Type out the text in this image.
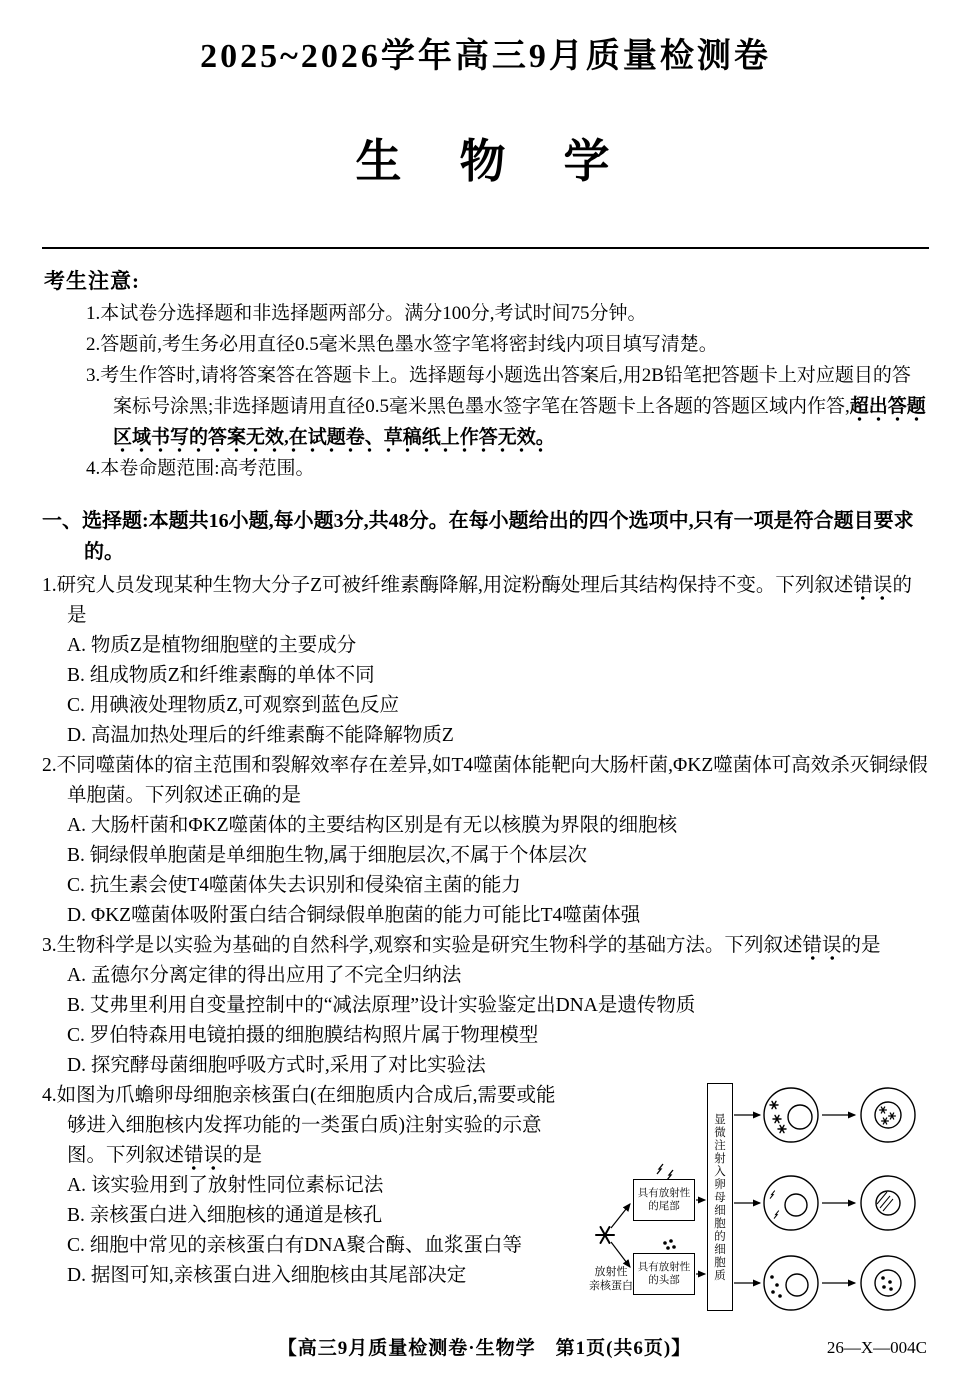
2025~2026学年高三9月质量检测卷
生　物　学
考生注意:
1.本试卷分选择题和非选择题两部分。满分100分,考试时间75分钟。
2.答题前,考生务必用直径0.5毫米黑色墨水签字笔将密封线内项目填写清楚。
3.考生作答时,请将答案答在答题卡上。选择题每小题选出答案后,用2B铅笔把答题卡上对应题目的答案标号涂黑;非选择题请用直径0.5毫米黑色墨水签字笔在答题卡上各题的答题区域内作答,超出答题区域书写的答案无效,在试题卷、草稿纸上作答无效。
4.本卷命题范围:高考范围。
一、选择题:本题共16小题,每小题3分,共48分。在每小题给出的四个选项中,只有一项是符合题目要求的。
1.研究人员发现某种生物大分子Z可被纤维素酶降解,用淀粉酶处理后其结构保持不变。下列叙述错误的是
A. 物质Z是植物细胞壁的主要成分
B. 组成物质Z和纤维素酶的单体不同
C. 用碘液处理物质Z,可观察到蓝色反应
D. 高温加热处理后的纤维素酶不能降解物质Z
2.不同噬菌体的宿主范围和裂解效率存在差异,如T4噬菌体能靶向大肠杆菌,ΦKZ噬菌体可高效杀灭铜绿假单胞菌。下列叙述正确的是
A. 大肠杆菌和ΦKZ噬菌体的主要结构区别是有无以核膜为界限的细胞核
B. 铜绿假单胞菌是单细胞生物,属于细胞层次,不属于个体层次
C. 抗生素会使T4噬菌体失去识别和侵染宿主菌的能力
D. ΦKZ噬菌体吸附蛋白结合铜绿假单胞菌的能力可能比T4噬菌体强
3.生物科学是以实验为基础的自然科学,观察和实验是研究生物科学的基础方法。下列叙述错误的是
A. 孟德尔分离定律的得出应用了不完全归纳法
B. 艾弗里利用自变量控制中的“减法原理”设计实验鉴定出DNA是遗传物质
C. 罗伯特森用电镜拍摄的细胞膜结构照片属于物理模型
D. 探究酵母菌细胞呼吸方式时,采用了对比实验法
显微注射入卵母细胞的细胞质
具有放射性的尾部
具有放射性的头部
放射性
亲核蛋白
4.如图为爪蟾卵母细胞亲核蛋白(在细胞质内合成后,需要或能够进入细胞核内发挥功能的一类蛋白质)注射实验的示意图。下列叙述错误的是
A. 该实验用到了放射性同位素标记法
B. 亲核蛋白进入细胞核的通道是核孔
C. 细胞中常见的亲核蛋白有DNA聚合酶、血浆蛋白等
D. 据图可知,亲核蛋白进入细胞核由其尾部决定
【高三9月质量检测卷·生物学　第1页(共6页)】	26—X—004C
